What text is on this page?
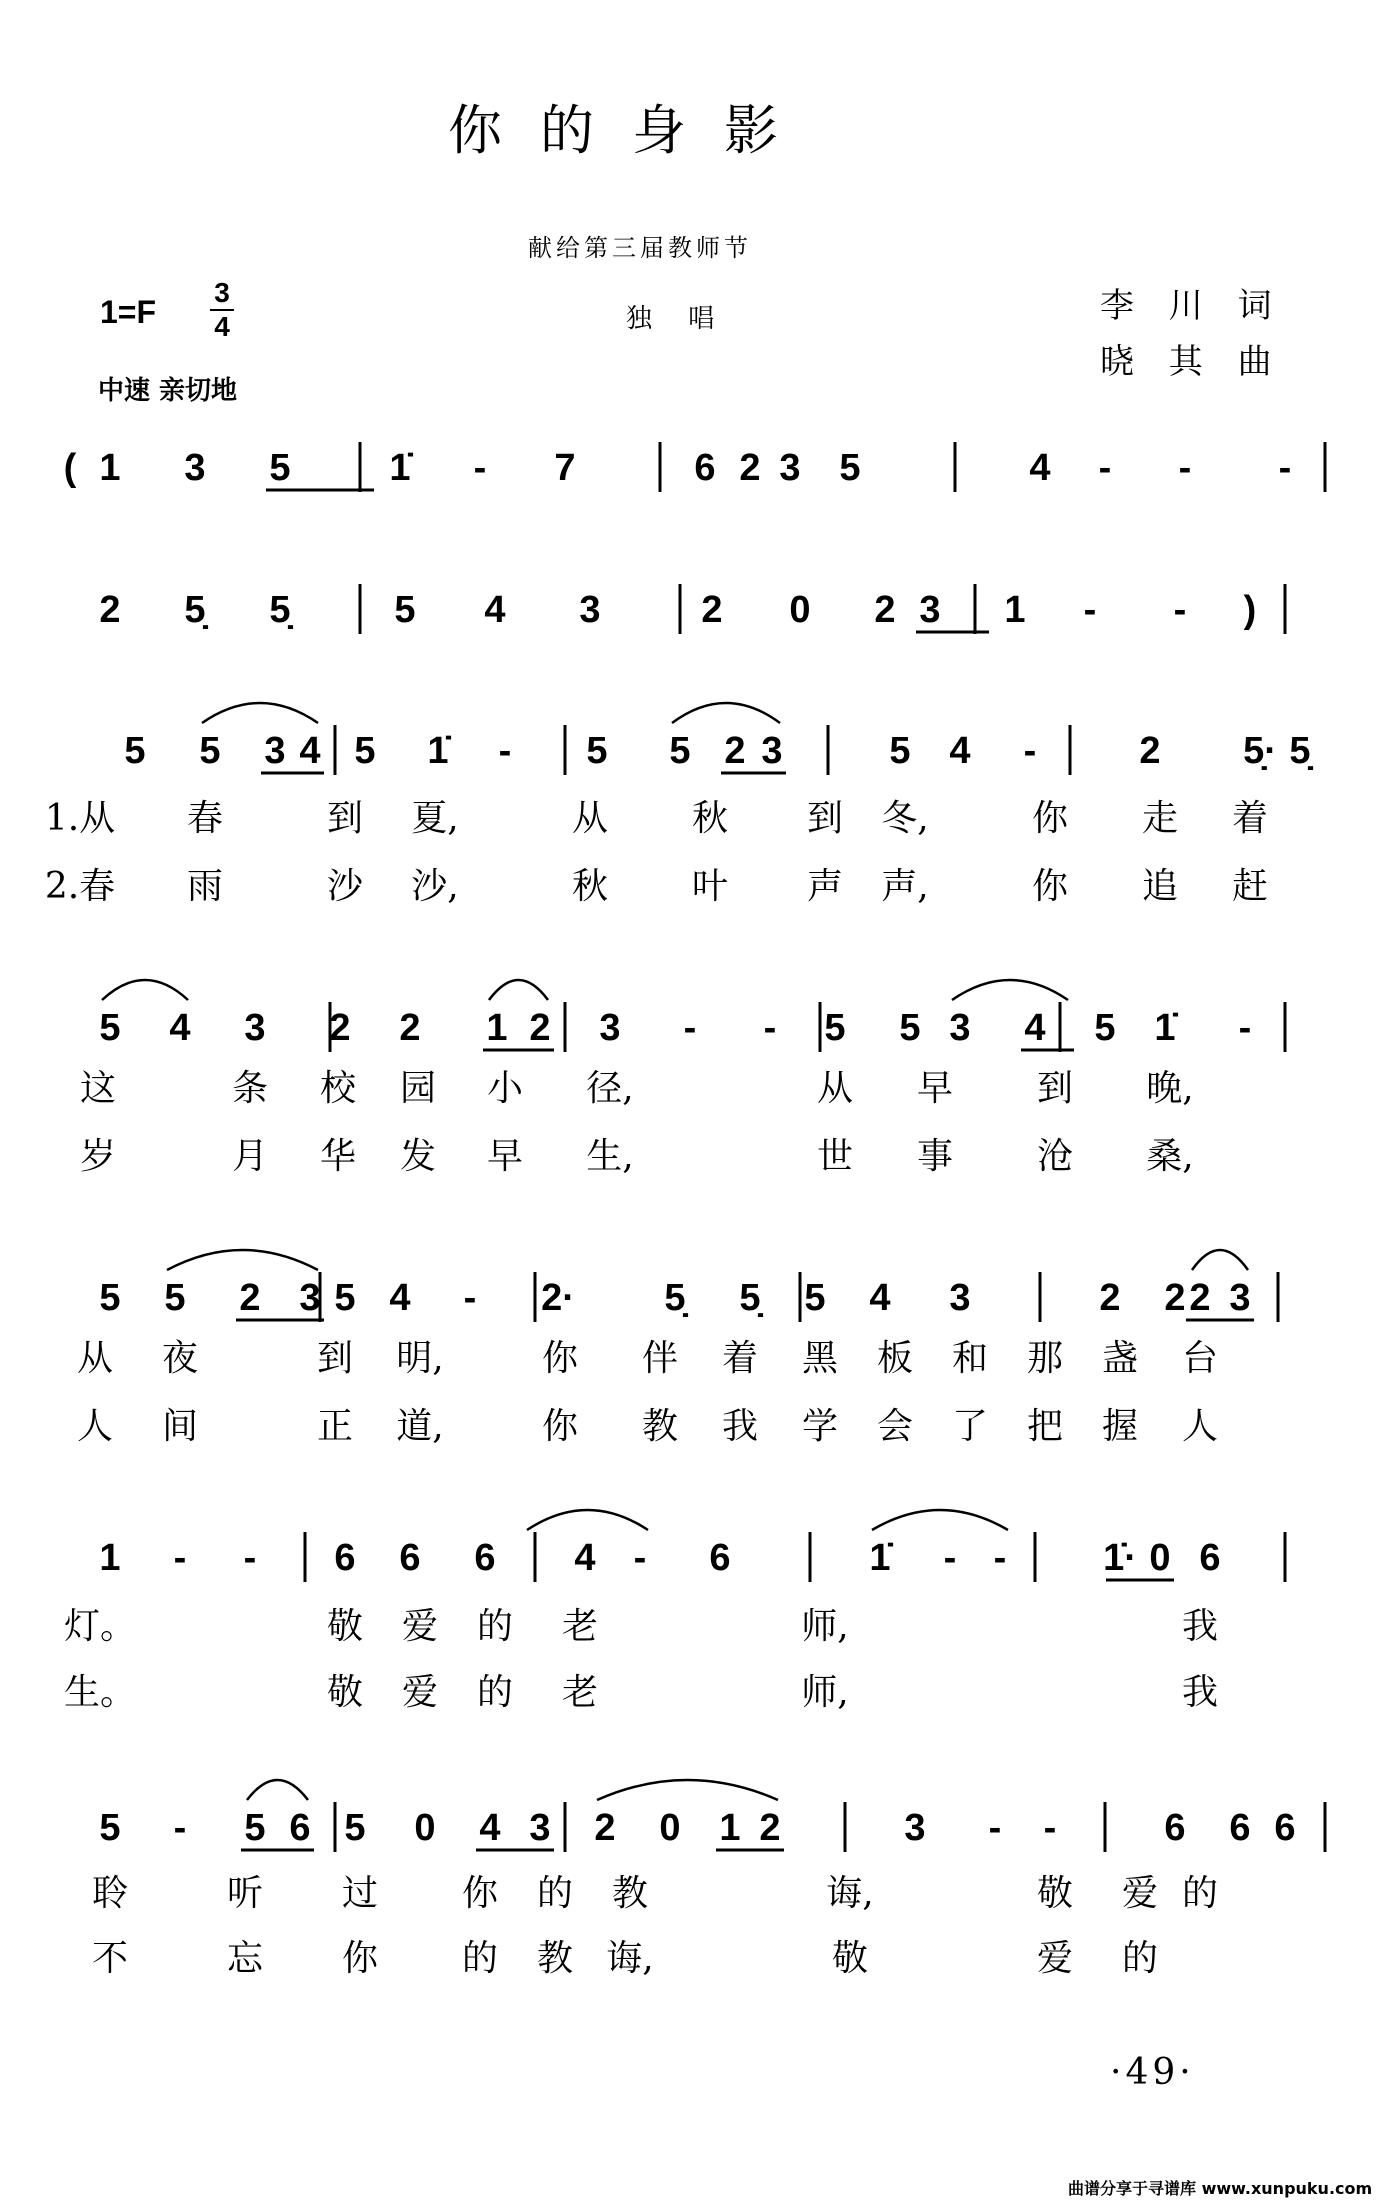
你的身影
献给第三届教师节
1=F
3
4	独 唱
中速 亲切地
李 川 词
晓 其 曲
( 1 3 5	1̇ - 7	6 2 3 5	4 - - -
2 5̣ 5̣	5 4 3	2 0 2 3 1 - - )
5 5 3 4 5 1̇ - 5 5 2 3	5 4 -	2 5̣· 5̣
1.从 春	到 夏,	从 秋 到 冬,	你 走 着
2.春 雨	沙 沙,	秋 叶 声 声,	你 追 赶
5 4 3 2 2 1 2 3 - - 5 5 3 4 5 1̇ -
这	条 校 园 小 径,	从 早 到 晚,
岁	月 华 发 早 生,	世 事 沧 桑,
5 5 2 3 5 4 - 2· 5̣ 5̣ 5 4 3	2 2 2 3
从 夜	到 明,	你 伴 着 黑 板 和 那 盏 台
人 间	正 道,	你 教 我 学 会 了 把 握 人
1 - - 6 6 6 4 - 6	1̇ - -	1̇· 0 6
灯。	敬 爱 的 老	师,	我
生。	敬 爱 的 老	师,	我
5 - 5 6 5 0 4 3 2 0 1 2	3 - -	6 6 6
聆	听 过 你 的 教	诲,	敬 爱 的
不	忘 你 的 教 诲,	敬	爱 的
·49·
曲谱分享于寻谱库 www.xunpuku.com
